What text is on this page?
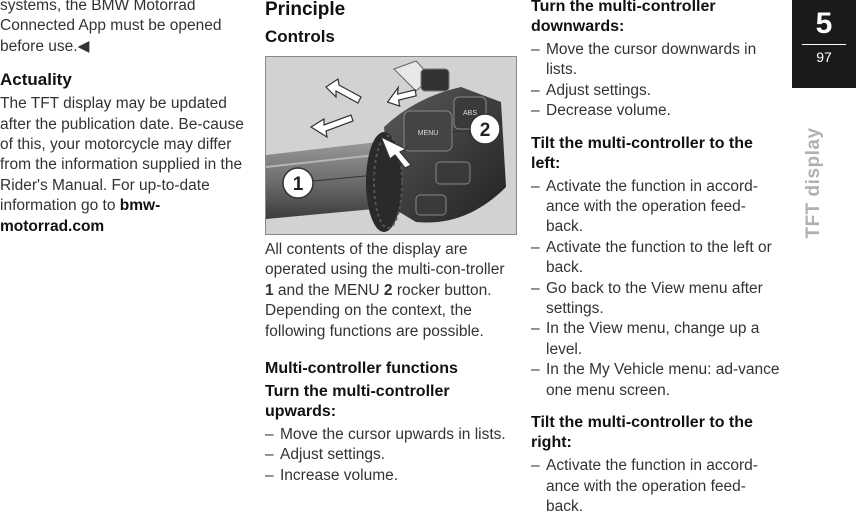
systems, the BMW Motorrad Connected App must be opened before use.◀

Actuality

The TFT display may be updated after the publication date. Be-cause of this, your motorcycle may differ from the information supplied in the Rider's Manual. For up-to-date information go to bmw-motorrad.com

Principle
Controls
MENU
ABS
1
2

All contents of the display are operated using the multi-con-troller 1 and the MENU 2 rocker button.

Depending on the context, the following functions are possible.

Multi-controller functions
Turn the multi-controller upwards:
– Move the cursor upwards in lists.
– Adjust settings.
– Increase volume.
Turn the multi-controller downwards:
– Move the cursor downwards in lists.
– Adjust settings.
– Decrease volume.
Tilt the multi-controller to the left:
– Activate the function in accord-ance with the operation feed-back.
– Activate the function to the left or back.
– Go back to the View menu after settings.
– In the View menu, change up a level.
– In the My Vehicle menu: ad-vance one menu screen.
Tilt the multi-controller to the right:
– Activate the function in accord-ance with the operation feed-back.
5
97
TFT display
